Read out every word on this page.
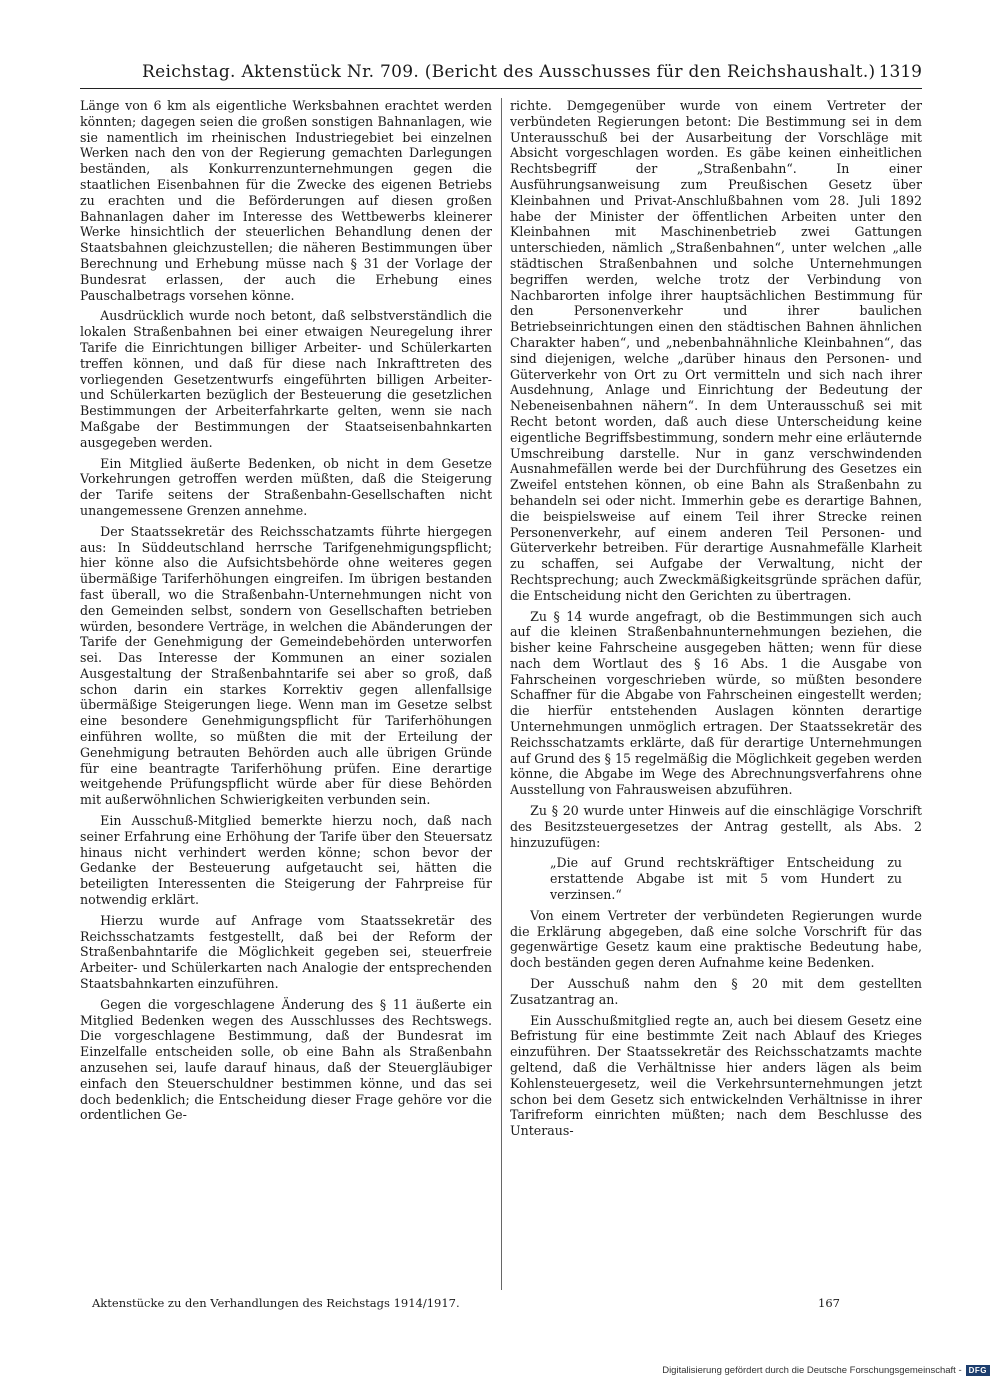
Reichstag. Aktenstück Nr. 709. (Bericht des Ausschusses für den Reichshaushalt.) 1319

Länge von 6 km als eigentliche Werksbahnen erachtet werden könnten; dagegen seien die großen sonstigen Bahnanlagen, wie sie namentlich im rheinischen Industriegebiet bei einzelnen Werken nach den von der Regierung gemachten Darlegungen beständen, als Konkurrenzunternehmungen gegen die staatlichen Eisenbahnen für die Zwecke des eigenen Betriebs zu erachten und die Beförderungen auf diesen großen Bahnanlagen daher im Interesse des Wettbewerbs kleinerer Werke hinsichtlich der steuerlichen Behandlung denen der Staatsbahnen gleichzustellen; die näheren Bestimmungen über Berechnung und Erhebung müsse nach § 31 der Vorlage der Bundesrat erlassen, der auch die Erhebung eines Pauschalbetrags vorsehen könne.

Ausdrücklich wurde noch betont, daß selbstverständlich die lokalen Straßenbahnen bei einer etwaigen Neuregelung ihrer Tarife die Einrichtungen billiger Arbeiter- und Schülerkarten treffen können, und daß für diese nach Inkrafttreten des vorliegenden Gesetzentwurfs eingeführten billigen Arbeiter- und Schülerkarten bezüglich der Besteuerung die gesetzlichen Bestimmungen der Arbeiterfahrkarte gelten, wenn sie nach Maßgabe der Bestimmungen der Staatseisenbahnkarten ausgegeben werden.

Ein Mitglied äußerte Bedenken, ob nicht in dem Gesetze Vorkehrungen getroffen werden müßten, daß die Steigerung der Tarife seitens der Straßenbahn-Gesellschaften nicht unangemessene Grenzen annehme.

Der Staatssekretär des Reichsschatzamts führte hiergegen aus: In Süddeutschland herrsche Tarifgenehmigungspflicht; hier könne also die Aufsichtsbehörde ohne weiteres gegen übermäßige Tariferhöhungen eingreifen. Im übrigen bestanden fast überall, wo die Straßenbahn-Unternehmungen nicht von den Gemeinden selbst, sondern von Gesellschaften betrieben würden, besondere Verträge, in welchen die Abänderungen der Tarife der Genehmigung der Gemeindebehörden unterworfen sei. Das Interesse der Kommunen an einer sozialen Ausgestaltung der Straßenbahntarife sei aber so groß, daß schon darin ein starkes Korrektiv gegen allenfallsige übermäßige Steigerungen liege. Wenn man im Gesetze selbst eine besondere Genehmigungspflicht für Tariferhöhungen einführen wollte, so müßten die mit der Erteilung der Genehmigung betrauten Behörden auch alle übrigen Gründe für eine beantragte Tariferhöhung prüfen. Eine derartige weitgehende Prüfungspflicht würde aber für diese Behörden mit außerwöhnlichen Schwierigkeiten verbunden sein.

Ein Ausschuß-Mitglied bemerkte hierzu noch, daß nach seiner Erfahrung eine Erhöhung der Tarife über den Steuersatz hinaus nicht verhindert werden könne; schon bevor der Gedanke der Besteuerung aufgetaucht sei, hätten die beteiligten Interessenten die Steigerung der Fahrpreise für notwendig erklärt.

Hierzu wurde auf Anfrage vom Staatssekretär des Reichsschatzamts festgestellt, daß bei der Reform der Straßenbahntarife die Möglichkeit gegeben sei, steuerfreie Arbeiter- und Schülerkarten nach Analogie der entsprechenden Staatsbahnkarten einzuführen.

Gegen die vorgeschlagene Änderung des § 11 äußerte ein Mitglied Bedenken wegen des Ausschlusses des Rechtswegs. Die vorgeschlagene Bestimmung, daß der Bundesrat im Einzelfalle entscheiden solle, ob eine Bahn als Straßenbahn anzusehen sei, laufe darauf hinaus, daß der Steuergläubiger einfach den Steuerschuldner bestimmen könne, und das sei doch bedenklich; die Entscheidung dieser Frage gehöre vor die ordentlichen Ge-

richte. Demgegenüber wurde von einem Vertreter der verbündeten Regierungen betont: Die Bestimmung sei in dem Unterausschuß bei der Ausarbeitung der Vorschläge mit Absicht vorgeschlagen worden. Es gäbe keinen einheitlichen Rechtsbegriff der „Straßenbahn“. In einer Ausführungsanweisung zum Preußischen Gesetz über Kleinbahnen und Privat-Anschlußbahnen vom 28. Juli 1892 habe der Minister der öffentlichen Arbeiten unter den Kleinbahnen mit Maschinenbetrieb zwei Gattungen unterschieden, nämlich „Straßenbahnen“, unter welchen „alle städtischen Straßenbahnen und solche Unternehmungen begriffen werden, welche trotz der Verbindung von Nachbarorten infolge ihrer hauptsächlichen Bestimmung für den Personenverkehr und ihrer baulichen Betriebseinrichtungen einen den städtischen Bahnen ähnlichen Charakter haben“, und „nebenbahnähnliche Kleinbahnen“, das sind diejenigen, welche „darüber hinaus den Personen- und Güterverkehr von Ort zu Ort vermitteln und sich nach ihrer Ausdehnung, Anlage und Einrichtung der Bedeutung der Nebeneisenbahnen nähern“. In dem Unterausschuß sei mit Recht betont worden, daß auch diese Unterscheidung keine eigentliche Begriffsbestimmung, sondern mehr eine erläuternde Umschreibung darstelle. Nur in ganz verschwindenden Ausnahmefällen werde bei der Durchführung des Gesetzes ein Zweifel entstehen können, ob eine Bahn als Straßenbahn zu behandeln sei oder nicht. Immerhin gebe es derartige Bahnen, die beispielsweise auf einem Teil ihrer Strecke reinen Personenverkehr, auf einem anderen Teil Personen- und Güterverkehr betreiben. Für derartige Ausnahmefälle Klarheit zu schaffen, sei Aufgabe der Verwaltung, nicht der Rechtsprechung; auch Zweckmäßigkeitsgründe sprächen dafür, die Entscheidung nicht den Gerichten zu übertragen.

Zu § 14 wurde angefragt, ob die Bestimmungen sich auch auf die kleinen Straßenbahnunternehmungen beziehen, die bisher keine Fahrscheine ausgegeben hätten; wenn für diese nach dem Wortlaut des § 16 Abs. 1 die Ausgabe von Fahrscheinen vorgeschrieben würde, so müßten besondere Schaffner für die Abgabe von Fahrscheinen eingestellt werden; die hierfür entstehenden Auslagen könnten derartige Unternehmungen unmöglich ertragen. Der Staatssekretär des Reichsschatzamts erklärte, daß für derartige Unternehmungen auf Grund des § 15 regelmäßig die Möglichkeit gegeben werden könne, die Abgabe im Wege des Abrechnungsverfahrens ohne Ausstellung von Fahrausweisen abzuführen.

Zu § 20 wurde unter Hinweis auf die einschlägige Vorschrift des Besitzsteuergesetzes der Antrag gestellt, als Abs. 2 hinzuzufügen:

„Die auf Grund rechtskräftiger Entscheidung zu erstattende Abgabe ist mit 5 vom Hundert zu verzinsen.“

Von einem Vertreter der verbündeten Regierungen wurde die Erklärung abgegeben, daß eine solche Vorschrift für das gegenwärtige Gesetz kaum eine praktische Bedeutung habe, doch beständen gegen deren Aufnahme keine Bedenken.

Der Ausschuß nahm den § 20 mit dem gestellten Zusatzantrag an.

Ein Ausschußmitglied regte an, auch bei diesem Gesetz eine Befristung für eine bestimmte Zeit nach Ablauf des Krieges einzuführen. Der Staatssekretär des Reichsschatzamts machte geltend, daß die Verhältnisse hier anders lägen als beim Kohlensteuergesetz, weil die Verkehrsunternehmungen jetzt schon bei dem Gesetz sich entwickelnden Verhältnisse in ihrer Tarifreform einrichten müßten; nach dem Beschlusse des Unteraus-

Aktenstücke zu den Verhandlungen des Reichstags 1914/1917.	167
Digitalisierung gefördert durch die Deutsche Forschungsgemeinschaft - DFG
